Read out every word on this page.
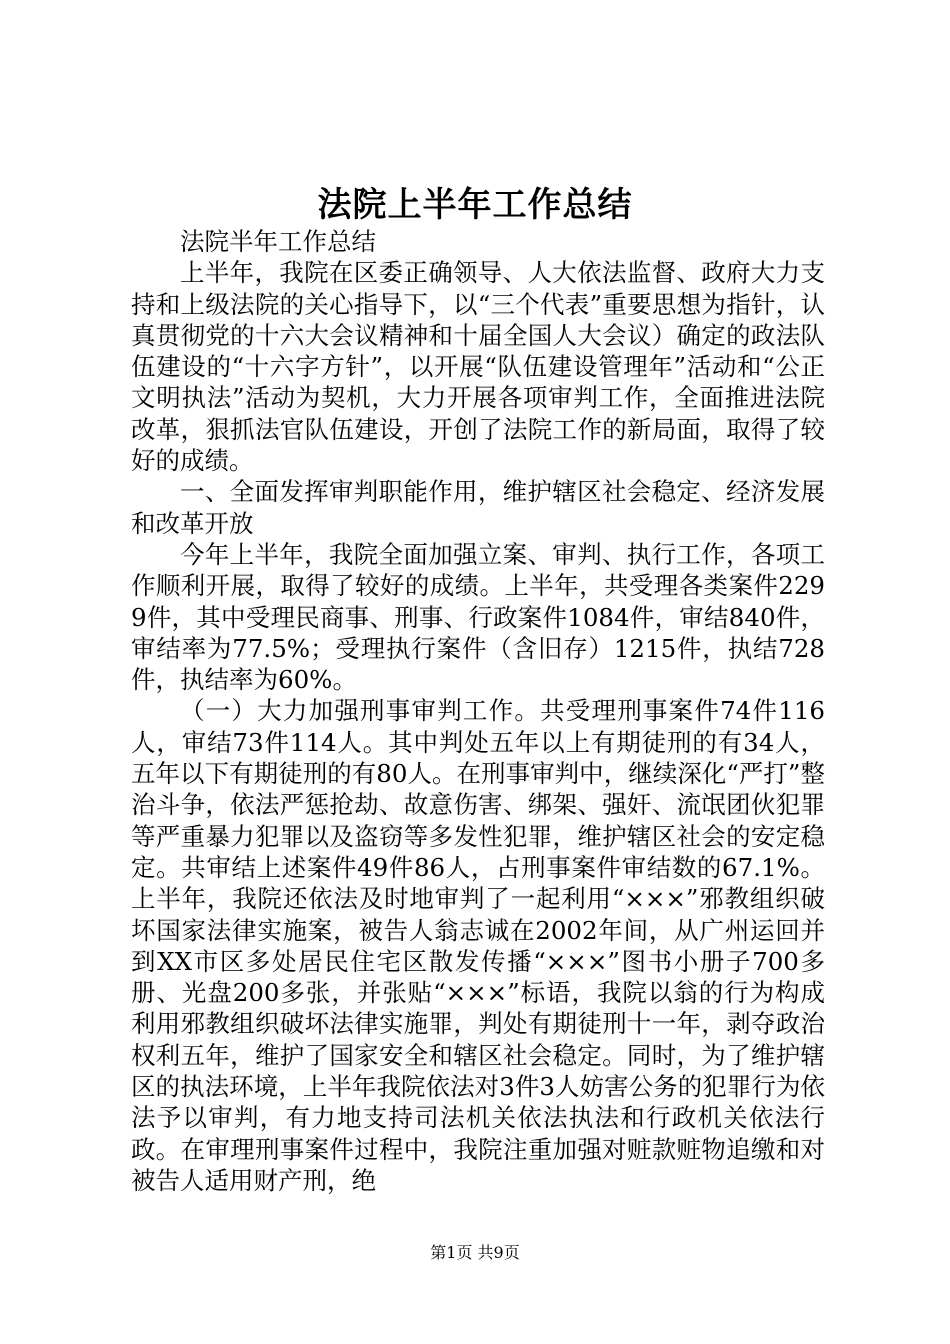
法院上半年工作总结

法院半年工作总结

上半年，我院在区委正确领导、人大依法监督、政府大力支持和上级法院的关心指导下，以“三个代表”重要思想为指针，认真贯彻党的十六大会议精神和十届全国人大会议）确定的政法队伍建设的“十六字方针”，以开展“队伍建设管理年”活动和“公正文明执法”活动为契机，大力开展各项审判工作，全面推进法院改革，狠抓法官队伍建设，开创了法院工作的新局面，取得了较好的成绩。

一、全面发挥审判职能作用，维护辖区社会稳定、经济发展和改革开放

今年上半年，我院全面加强立案、审判、执行工作，各项工作顺利开展，取得了较好的成绩。上半年，共受理各类案件2299件，其中受理民商事、刑事、行政案件1084件，审结840件，审结率为77.5%；受理执行案件（含旧存）1215件，执结728件，执结率为60%。

（一）大力加强刑事审判工作。共受理刑事案件74件116人，审结73件114人。其中判处五年以上有期徒刑的有34人，五年以下有期徒刑的有80人。在刑事审判中，继续深化“严打”整治斗争，依法严惩抢劫、故意伤害、绑架、强奸、流氓团伙犯罪等严重暴力犯罪以及盗窃等多发性犯罪，维护辖区社会的安定稳定。共审结上述案件49件86人，占刑事案件审结数的67.1%。上半年，我院还依法及时地审判了一起利用“×××”邪教组织破坏国家法律实施案，被告人翁志诚在2002年间，从广州运回并到XX市区多处居民住宅区散发传播“×××”图书小册子700多册、光盘200多张，并张贴“×××”标语，我院以翁的行为构成利用邪教组织破坏法律实施罪，判处有期徒刑十一年，剥夺政治权利五年，维护了国家安全和辖区社会稳定。同时，为了维护辖区的执法环境，上半年我院依法对3件3人妨害公务的犯罪行为依法予以审判，有力地支持司法机关依法执法和行政机关依法行政。在审理刑事案件过程中，我院注重加强对赃款赃物追缴和对被告人适用财产刑，绝

第1页 共9页
